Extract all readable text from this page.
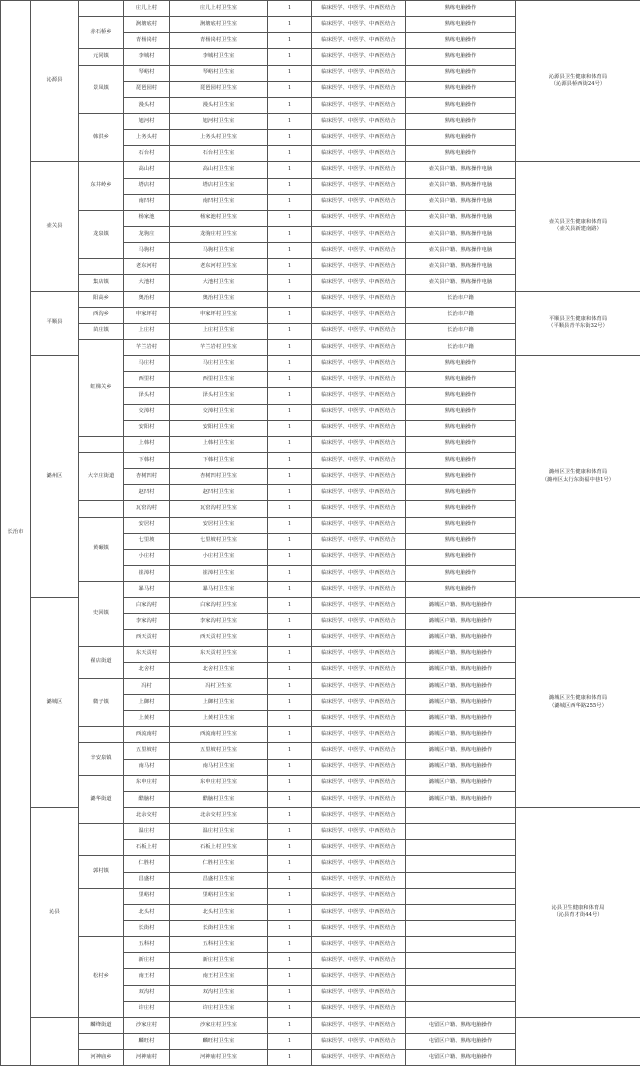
长治市	沁源县		庄儿上村	庄儿上村卫生室	1	临床医学、中医学、中西医结合	熟练电脑操作	沁源县卫生健康和体育局
（沁源县桥西街24号）

		赤石桥乡	涧塘底村	涧塘底村卫生室	1	临床医学、中医学、中西医结合	熟练电脑操作		
			青杨岗村	青杨岗村卫生室	1	临床医学、中医学、中西医结合	熟练电脑操作		
		元同镇	李城村	李城村卫生室	1	临床医学、中医学、中西医结合	熟练电脑操作		
		景凤镇	琴峪村	琴峪村卫生室	1	临床医学、中医学、中西医结合	熟练电脑操作		
			琵琶园村	琵琶园村卫生室	1	临床医学、中医学、中西医结合	熟练电脑操作		
			漫头村	漫头村卫生室	1	临床医学、中医学、中西医结合	熟练电脑操作		
		韩洪乡	旭河村	旭河村卫生室	1	临床医学、中医学、中西医结合	熟练电脑操作		
			上务头村	上务头村卫生室	1	临床医学、中医学、中西医结合	熟练电脑操作		
			石台村	石台村卫生室	1	临床医学、中医学、中西医结合	熟练电脑操作		
	壶关县	东井岭乡	高山村	高山村卫生室	1	临床医学、中医学、中西医结合	壶关县户籍、熟练操作电脑	壶关县卫生健康和体育局
（壶关县新建南路）

			塔店村	塔店村卫生室	1	临床医学、中医学、中西医结合	壶关县户籍、熟练操作电脑		
			南凹村	南凹村卫生室	1	临床医学、中医学、中西医结合	壶关县户籍、熟练操作电脑		
		龙泉镇	杨家池	杨家池村卫生室	1	临床医学、中医学、中西医结合	壶关县户籍、熟练操作电脑		
			龙驹庄	龙驹庄村卫生室	1	临床医学、中医学、中西医结合	壶关县户籍、熟练操作电脑		
			马驹村	马驹村卫生室	1	临床医学、中医学、中西医结合	壶关县户籍、熟练操作电脑		
			老东河村	老东河村卫生室	1	临床医学、中医学、中西医结合	壶关县户籍、熟练操作电脑		
		集店镇	大池村	大池村卫生室	1	临床医学、中医学、中西医结合	壶关县户籍、熟练操作电脑		
	平顺县	阳高乡	奥治村	奥治村卫生室	1	临床医学、中医学、中西医结合	长治市户籍	平顺县卫生健康和体育局
（平顺县青羊东街32号）

		西沟乡	申家坪村	申家坪村卫生室	1	临床医学、中医学、中西医结合	长治市户籍		
		苗庄镇	上庄村	上庄村卫生室	1	临床医学、中医学、中西医结合	长治市户籍		
		虹梯关乡	芊兰岩村	芊兰岩村卫生室	1	临床医学、中医学、中西医结合	长治市户籍		
	潞州区		马庄村	马庄村卫生室	1	临床医学、中医学、中西医结合	熟练电脑操作	潞州区卫生健康和体育局
（潞州区太行东街福中巷1号）

			西里村	西里村卫生室	1	临床医学、中医学、中西医结合	熟练电脑操作		
			泽头村	泽头村卫生室	1	临床医学、中医学、中西医结合	熟练电脑操作		
			交漳村	交漳村卫生室	1	临床医学、中医学、中西医结合	熟练电脑操作		
			安阳村	安阳村卫生室	1	临床医学、中医学、中西医结合	熟练电脑操作		
			上韩村	上韩村卫生室	1	临床医学、中医学、中西医结合	熟练电脑操作		
		大辛庄街道	下韩村	下韩村卫生室	1	临床医学、中医学、中西医结合	熟练电脑操作		
			杏树凹村	杏树凹村卫生室	1	临床医学、中医学、中西医结合	熟练电脑操作		
			赵凹村	赵凹村卫生室	1	临床医学、中医学、中西医结合	熟练电脑操作		
			瓦窑沟村	瓦窑沟村卫生室	1	临床医学、中医学、中西医结合	熟练电脑操作		
		黄碾镇	安居村	安居村卫生室	1	临床医学、中医学、中西医结合	熟练电脑操作		
			七里坡	七里坡村卫生室	1	临床医学、中医学、中西医结合	熟练电脑操作		
			小庄村	小庄村卫生室	1	临床医学、中医学、中西医结合	熟练电脑操作		
			崔漳村	崔漳村卫生室	1	临床医学、中医学、中西医结合	熟练电脑操作		
		史回镇	暴马村	暴马村卫生室	1	临床医学、中医学、中西医结合	熟练电脑操作		
	潞城区		白家沟村	白家沟村卫生室	1	临床医学、中医学、中西医结合	潞城区户籍、熟练电脑操作	潞城区卫生健康和体育局
（潞城区西华路255号）

			李家沟村	李家沟村卫生室	1	临床医学、中医学、中西医结合	潞城区户籍、熟练电脑操作		
			西天贡村	西天贡村卫生室	1	临床医学、中医学、中西医结合	潞城区户籍、熟练电脑操作		
		翟店街道	东天贡村	东天贡村卫生室	1	临床医学、中医学、中西医结合	潞城区户籍、熟练电脑操作		
			北舍村	北舍村卫生室	1	临床医学、中医学、中西医结合	潞城区户籍、熟练电脑操作		
		微子镇	冯村	冯村卫生室	1	临床医学、中医学、中西医结合	潞城区户籍、熟练电脑操作		
			上御村	上御村卫生室	1	临床医学、中医学、中西医结合	潞城区户籍、熟练电脑操作		
			上黄村	上黄村卫生室	1	临床医学、中医学、中西医结合	潞城区户籍、熟练电脑操作		
			西流南村	西流南村卫生室	1	临床医学、中医学、中西医结合	潞城区户籍、熟练电脑操作		
		辛安泉镇	五里坡村	五里坡村卫生室	1	临床医学、中医学、中西医结合	潞城区户籍、熟练电脑操作		
			南马村	南马村卫生室	1	临床医学、中医学、中西医结合	潞城区户籍、熟练电脑操作		
		潞华街道	东申庄村	东申庄村卫生室	1	临床医学、中医学、中西医结合	潞城区户籍、熟练电脑操作		
			酷脑村	酷脑村卫生室	1	临床医学、中医学、中西医结合	潞城区户籍、熟练电脑操作		
	沁县		北余交村	北余交村卫生室	1	临床医学、中医学、中西医结合		沁县卫生健康和体育局
（沁县育才街44号）

			温庄村	温庄村卫生室	1	临床医学、中医学、中西医结合			
			石板上村	石板上村卫生室	1	临床医学、中医学、中西医结合			
		郭村镇	仁胜村	仁胜村卫生室	1	临床医学、中医学、中西医结合			
			昌盛村	昌盛村卫生室	1	临床医学、中医学、中西医结合			
			里峪村	里峪村卫生室	1	临床医学、中医学、中西医结合			
			北头村	北头村卫生室	1	临床医学、中医学、中西医结合			
			长街村	长街村卫生室	1	临床医学、中医学、中西医结合			
		松村乡	五科村	五科村卫生室	1	临床医学、中医学、中西医结合			
			新庄村	新庄村卫生室	1	临床医学、中医学、中西医结合			
			南王村	南王村卫生室	1	临床医学、中医学、中西医结合			
			双沟村	双沟村卫生室	1	临床医学、中医学、中西医结合			
			许庄村	许庄村卫生室	1	临床医学、中医学、中西医结合			
		麟绛街道	沙家庄村	沙家庄村卫生室	1	临床医学、中医学、中西医结合	屯留区户籍、熟练电脑操作		
			麟旺村	麟旺村卫生室	1	临床医学、中医学、中西医结合	屯留区户籍、熟练电脑操作		
		河神庙乡	河神庙村	河神庙村卫生室	1	临床医学、中医学、中西医结合	屯留区户籍、熟练电脑操作		
